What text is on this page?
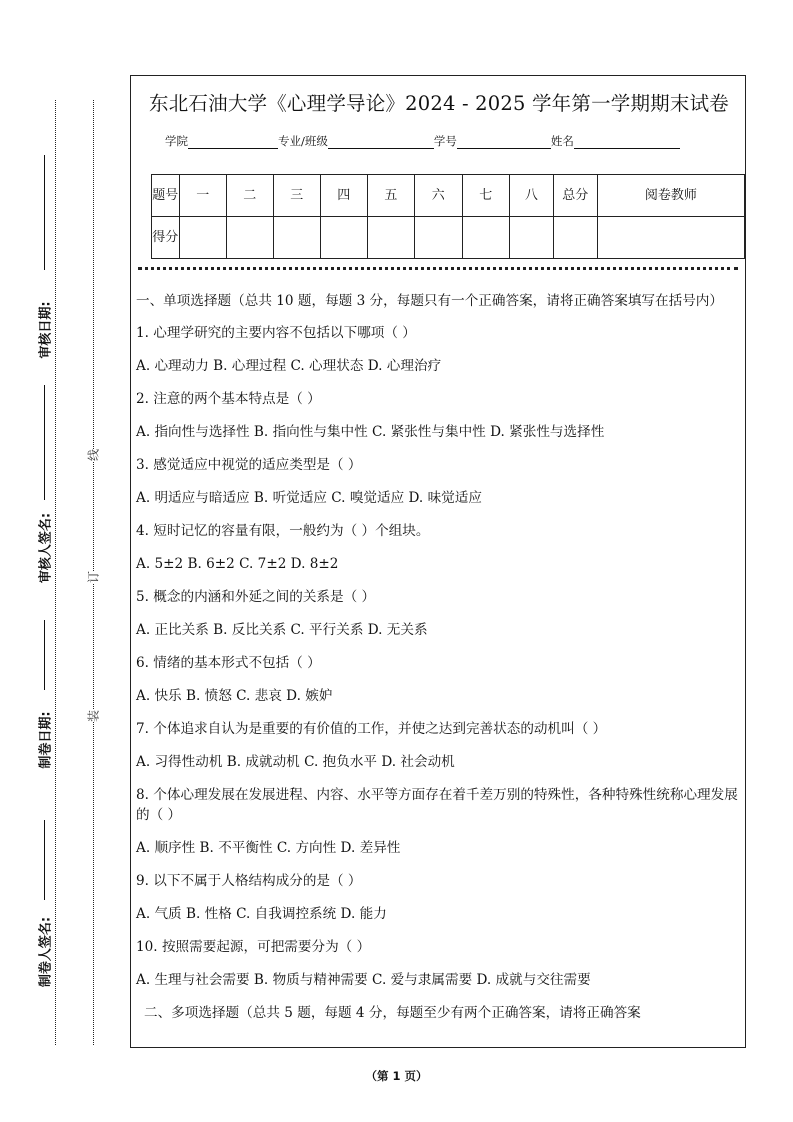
审核日期:
审核人签名:
制卷日期:
制卷人签名:
线
订
装
东北石油大学《心理学导论》2024 - 2025 学年第一学期期末试卷
学院	专业/班级	学号	姓名
题号	一	二	三	四	五	六	七	八	总分	阅卷教师
得分										

一、单项选择题（总共 10 题，每题 3 分，每题只有一个正确答案，请将正确答案填写在括号内）

1. 心理学研究的主要内容不包括以下哪项（ ）

A. 心理动力 B. 心理过程 C. 心理状态 D. 心理治疗

2. 注意的两个基本特点是（ ）

A. 指向性与选择性 B. 指向性与集中性 C. 紧张性与集中性 D. 紧张性与选择性

3. 感觉适应中视觉的适应类型是（ ）

A. 明适应与暗适应 B. 听觉适应 C. 嗅觉适应 D. 味觉适应

4. 短时记忆的容量有限，一般约为（ ）个组块。

A. 5±2 B. 6±2 C. 7±2 D. 8±2

5. 概念的内涵和外延之间的关系是（ ）

A. 正比关系 B. 反比关系 C. 平行关系 D. 无关系

6. 情绪的基本形式不包括（ ）

A. 快乐 B. 愤怒 C. 悲哀 D. 嫉妒

7. 个体追求自认为是重要的有价值的工作，并使之达到完善状态的动机叫（ ）

A. 习得性动机 B. 成就动机 C. 抱负水平 D. 社会动机

8. 个体心理发展在发展进程、内容、水平等方面存在着千差万别的特殊性，各种特殊性统称心理发展的（ ）

A. 顺序性 B. 不平衡性 C. 方向性 D. 差异性

9. 以下不属于人格结构成分的是（ ）

A. 气质 B. 性格 C. 自我调控系统 D. 能力

10. 按照需要起源，可把需要分为（ ）

A. 生理与社会需要 B. 物质与精神需要 C. 爱与隶属需要 D. 成就与交往需要

二、多项选择题（总共 5 题，每题 4 分，每题至少有两个正确答案，请将正确答案

（第 1 页）
